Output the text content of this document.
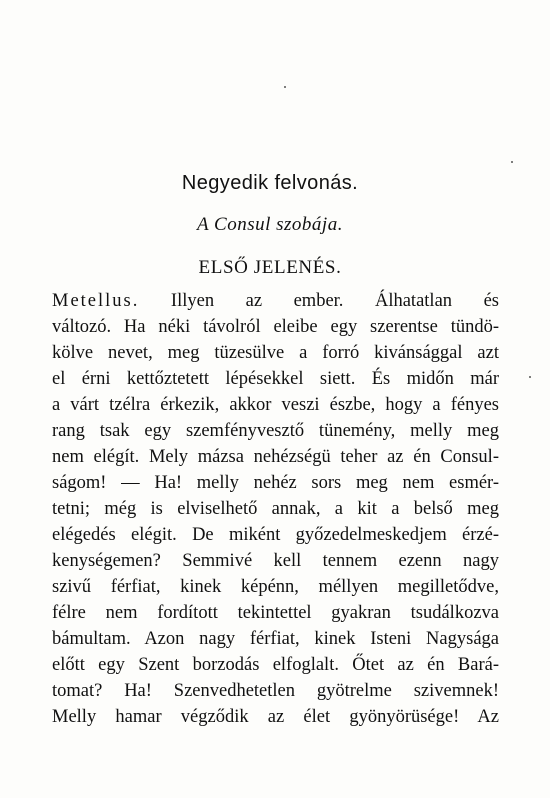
Negyedik felvonás.
A Consul szobája.
ELSŐ JELENÉS.
Metellus. Illyen az ember. Álhatatlan és
változó. Ha néki távolról eleibe egy szerentse tündö-
kölve nevet, meg tüzesülve a forró kivánsággal azt
el érni kettőztetett lépésekkel siett. És midőn már
a várt tzélra érkezik, akkor veszi észbe, hogy a fényes
rang tsak egy szemfényvesztő tünemény, melly meg
nem elégít. Mely mázsa nehézségü teher az én Consul-
ságom! — Ha! melly nehéz sors meg nem esmér-
tetni; még is elviselhető annak, a kit a belső meg
elégedés elégit. De miként győzedelmeskedjem érzé-
kenységemen? Semmivé kell tennem ezenn nagy
szivű férfiat, kinek képénn, méllyen megilletődve,
félre nem fordított tekintettel gyakran tsudálkozva
bámultam. Azon nagy férfiat, kinek Isteni Nagysága
előtt egy Szent borzodás elfoglalt. Őtet az én Bará-
tomat? Ha! Szenvedhetetlen gyötrelme szivemnek!
Melly hamar végződik az élet gyönyörüsége! Az
